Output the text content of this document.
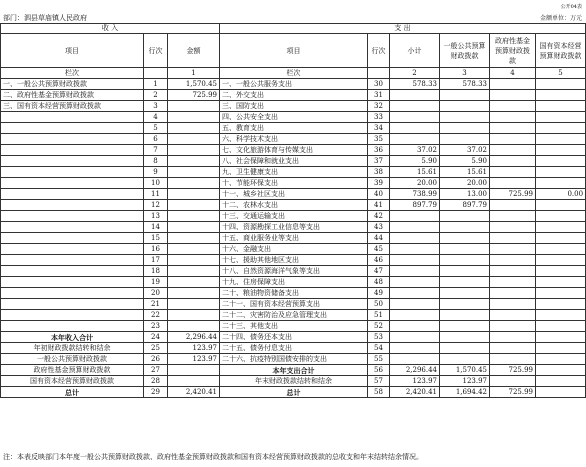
公开04表
部门：泗县草庙镇人民政府	金额单位：万元
收 入			支 出					
项目	行次	金额	项目	行次	小计	一般公共预算财政拨款	政府性基金预算财政拨款	国有资本经营预算财政拨款
栏次		1	栏次		2	3	4	5
一、一般公共预算财政拨款	1	1,570.45	一、一般公共服务支出	30	578.33	578.33		
二、政府性基金预算财政拨款	2	725.99	二、外交支出	31				
三、国有资本经营预算财政拨款	3		三、国防支出	32				
	4		四、公共安全支出	33				
	5		五、教育支出	34				
	6		六、科学技术支出	35				
	7		七、文化旅游体育与传媒支出	36	37.02	37.02		
	8		八、社会保障和就业支出	37	5.90	5.90		
	9		九、卫生健康支出	38	15.61	15.61		
	10		十、节能环保支出	39	20.00	20.00		
	11		十一、城乡社区支出	40	738.99	13.00	725.99	0.00
	12		十二、农林水支出	41	897.79	897.79		
	13		十三、交通运输支出	42				
	14		十四、资源勘探工业信息等支出	43				
	15		十五、商业服务业等支出	44				
	16		十六、金融支出	45				
	17		十七、援助其他地区支出	46				
	18		十八、自然资源海洋气象等支出	47				
	19		十九、住房保障支出	48				
	20		二十、粮油物资储备支出	49				
	21		二十一、国有资本经营预算支出	50				
	22		二十二、灾害防治及应急管理支出	51				
	23		二十三、其他支出	52				
本年收入合计	24	2,296.44	二十四、债务还本支出	53				
年初财政拨款结转和结余	25	123.97	二十五、债务付息支出	54				
一般公共预算财政拨款	26	123.97	二十六、抗疫特别国债安排的支出	55				
政府性基金预算财政拨款	27		本年支出合计	56	2,296.44	1,570.45	725.99	
国有资本经营预算财政拨款	28		年末财政拨款结转和结余	57	123.97	123.97		
总计	29	2,420.41	总计	58	2,420.41	1,694.42	725.99	
注：本表反映部门本年度一般公共预算财政拨款、政府性基金预算财政拨款和国有资本经营预算财政拨款的总收支和年末结转结余情况。
